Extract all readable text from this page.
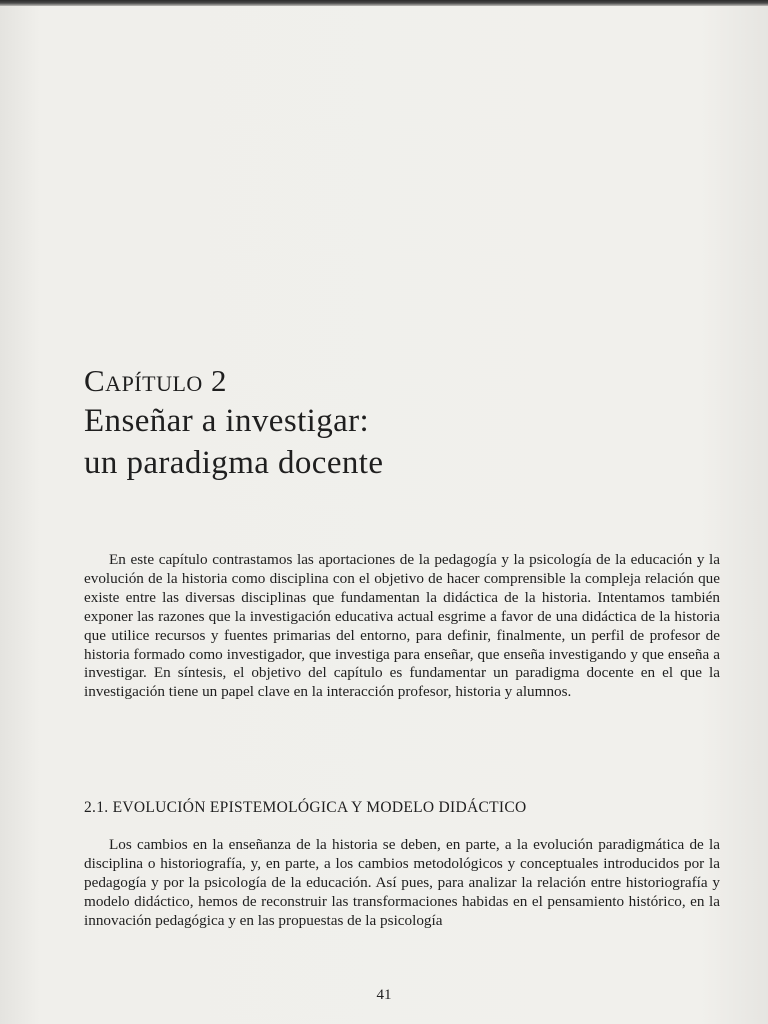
Capítulo 2
Enseñar a investigar:
un paradigma docente

En este capítulo contrastamos las aportaciones de la pedagogía y la psicología de la educación y la evolución de la historia como disciplina con el objetivo de hacer comprensible la compleja relación que existe entre las diversas disciplinas que fundamentan la didáctica de la historia. Intentamos también exponer las razones que la investigación educativa actual esgrime a favor de una didáctica de la historia que utilice recursos y fuentes primarias del entorno, para definir, finalmente, un perfil de profesor de historia formado como investigador, que investiga para enseñar, que enseña investigando y que enseña a investigar. En síntesis, el objetivo del capítulo es fundamentar un paradigma docente en el que la investigación tiene un papel clave en la interacción profesor, historia y alumnos.

2.1. EVOLUCIÓN EPISTEMOLÓGICA Y MODELO DIDÁCTICO

Los cambios en la enseñanza de la historia se deben, en parte, a la evolución paradigmática de la disciplina o historiografía, y, en parte, a los cambios metodológicos y conceptuales introducidos por la pedagogía y por la psicología de la educación. Así pues, para analizar la relación entre historiografía y modelo didáctico, hemos de reconstruir las transformaciones habidas en el pensamiento histórico, en la innovación pedagógica y en las propuestas de la psicología

41
